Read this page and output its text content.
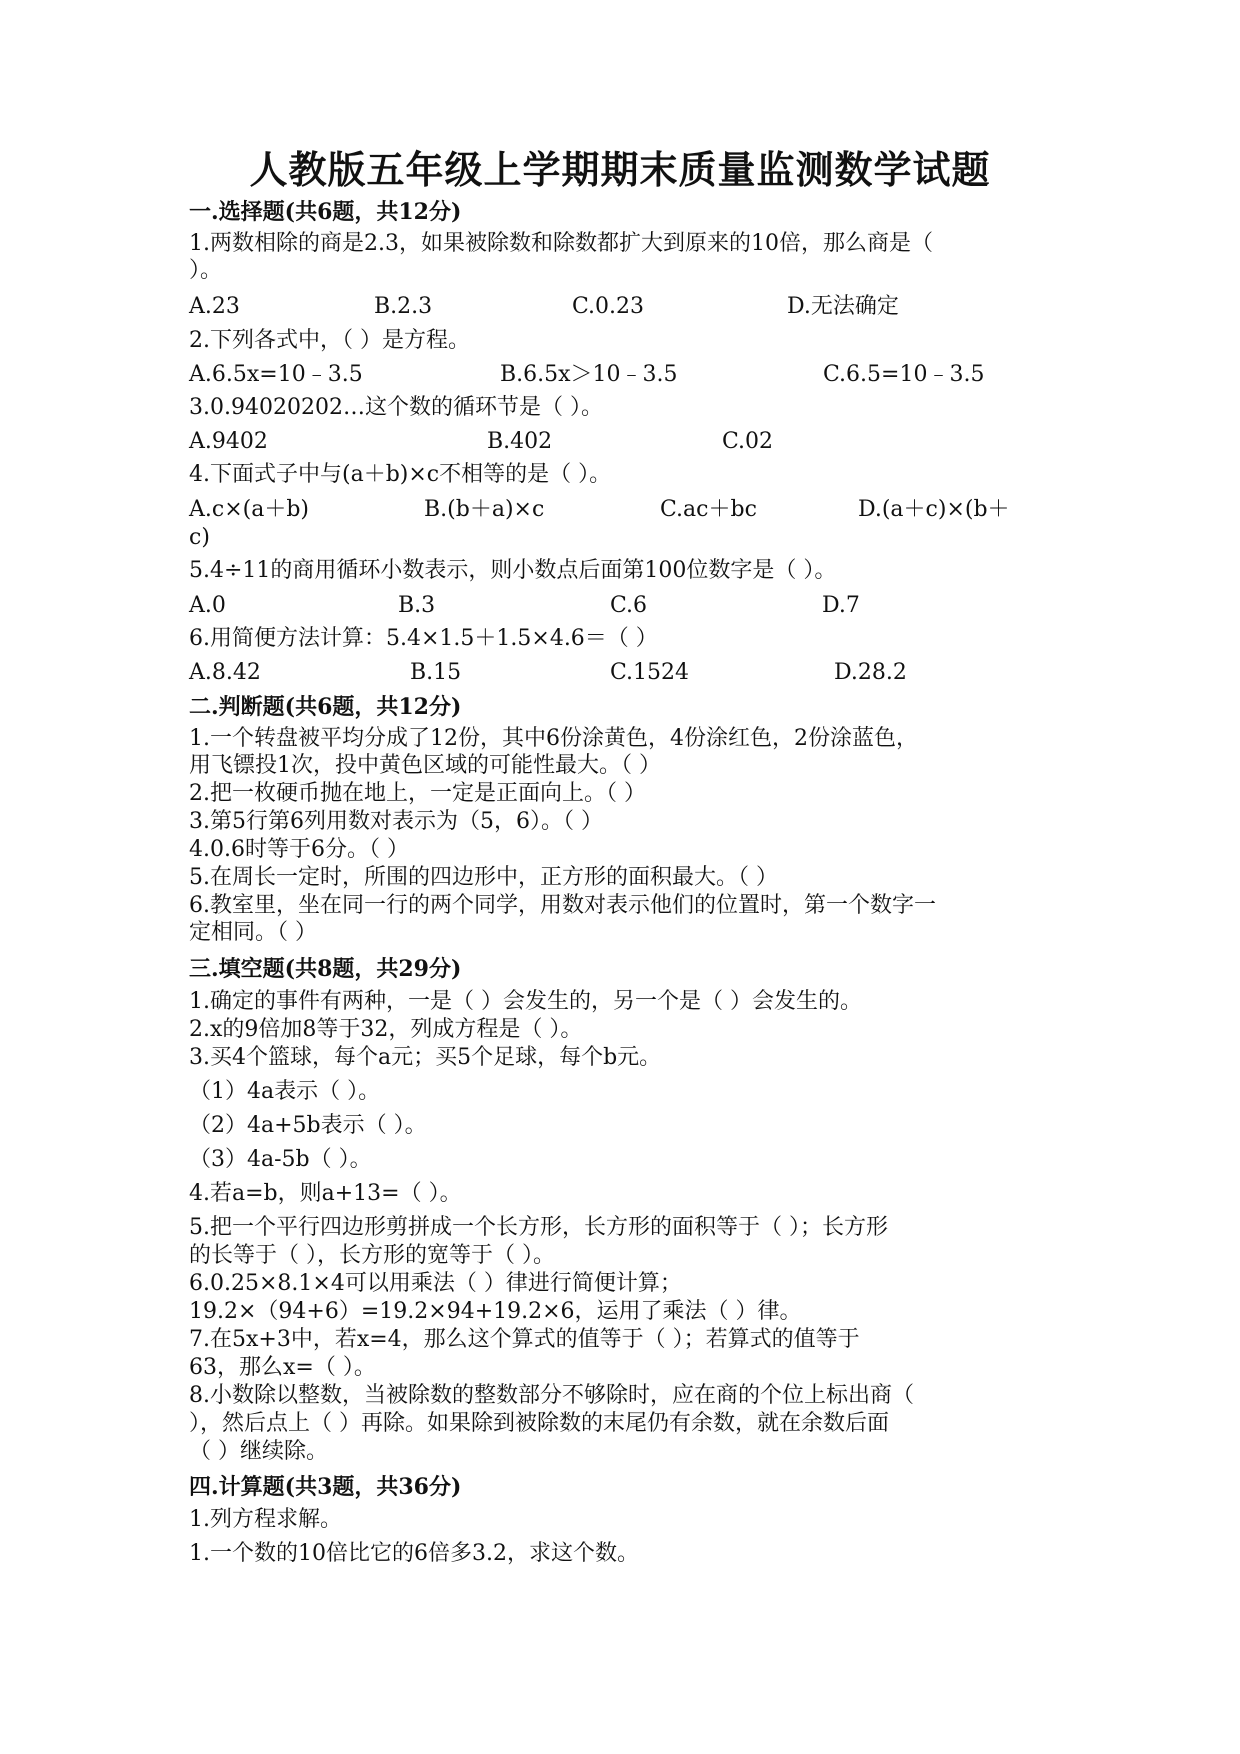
人教版五年级上学期期末质量监测数学试题
一.选择题(共6题，共12分)
1.两数相除的商是2.3，如果被除数和除数都扩大到原来的10倍，那么商是（
）。
A.23	B.2.3	C.0.23	D.无法确定
2.下列各式中，（ ）是方程。
A.6.5x=10﹣3.5	B.6.5x＞10﹣3.5	C.6.5=10﹣3.5
3.0.94020202…这个数的循环节是（ ）。
A.9402	B.402	C.02
4.下面式子中与(a＋b)×c不相等的是（ ）。
A.c×(a＋b)	B.(b＋a)×c	C.ac＋bc	D.(a＋c)×(b＋
c)
5.4÷11的商用循环小数表示，则小数点后面第100位数字是（ ）。
A.0	B.3	C.6	D.7
6.用简便方法计算：5.4×1.5＋1.5×4.6＝（ ）
A.8.42	B.15	C.1524	D.28.2
二.判断题(共6题，共12分)
1.一个转盘被平均分成了12份，其中6份涂黄色，4份涂红色，2份涂蓝色，
用飞镖投1次，投中黄色区域的可能性最大。（ ）
2.把一枚硬币抛在地上，一定是正面向上。（ ）
3.第5行第6列用数对表示为（5，6）。（ ）
4.0.6时等于6分。（ ）
5.在周长一定时，所围的四边形中，正方形的面积最大。（ ）
6.教室里，坐在同一行的两个同学，用数对表示他们的位置时，第一个数字一
定相同。（ ）
三.填空题(共8题，共29分)
1.确定的事件有两种，一是（ ）会发生的，另一个是（ ）会发生的。
2.x的9倍加8等于32，列成方程是（ ）。
3.买4个篮球，每个a元；买5个足球，每个b元。
（1）4a表示（ ）。
（2）4a+5b表示（ ）。
（3）4a-5b（ ）。
4.若a=b，则a+13=（ ）。
5.把一个平行四边形剪拼成一个长方形，长方形的面积等于（ ）；长方形
的长等于（ ），长方形的宽等于（ ）。
6.0.25×8.1×4可以用乘法（ ）律进行简便计算；
19.2×（94+6）=19.2×94+19.2×6，运用了乘法（ ）律。
7.在5x+3中，若x=4，那么这个算式的值等于（ ）；若算式的值等于
63，那么x=（ ）。
8.小数除以整数，当被除数的整数部分不够除时，应在商的个位上标出商（
），然后点上（ ）再除。如果除到被除数的末尾仍有余数，就在余数后面
（ ）继续除。
四.计算题(共3题，共36分)
1.列方程求解。
1.一个数的10倍比它的6倍多3.2，求这个数。
